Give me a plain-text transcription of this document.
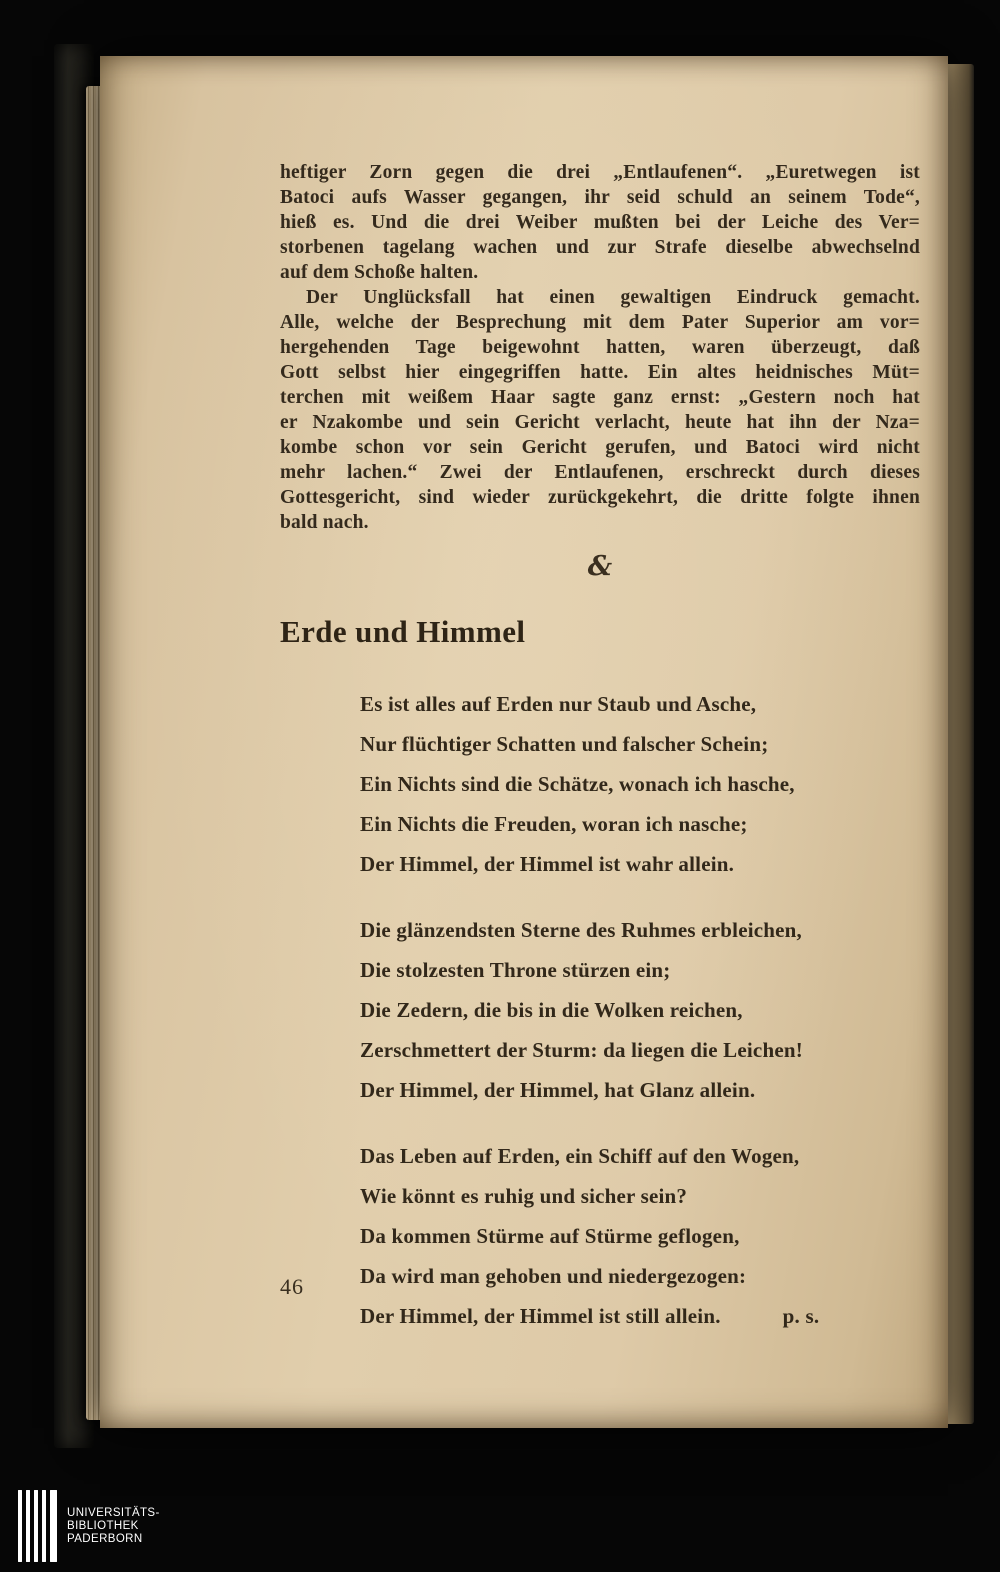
heftiger Zorn gegen die drei „Entlaufenen“. „Euretwegen ist
Batoci aufs Wasser gegangen, ihr seid schuld an seinem Tode“,
hieß es. Und die drei Weiber mußten bei der Leiche des Ver=
storbenen tagelang wachen und zur Strafe dieselbe abwechselnd
auf dem Schoße halten.
Der Unglücksfall hat einen gewaltigen Eindruck gemacht.
Alle, welche der Besprechung mit dem Pater Superior am vor=
hergehenden Tage beigewohnt hatten, waren überzeugt, daß
Gott selbst hier eingegriffen hatte. Ein altes heidnisches Müt=
terchen mit weißem Haar sagte ganz ernst: „Gestern noch hat
er Nzakombe und sein Gericht verlacht, heute hat ihn der Nza=
kombe schon vor sein Gericht gerufen, und Batoci wird nicht
mehr lachen.“ Zwei der Entlaufenen, erschreckt durch dieses
Gottesgericht, sind wieder zurückgekehrt, die dritte folgte ihnen
bald nach.
&
Erde und Himmel
Es ist alles auf Erden nur Staub und Asche,
Nur flüchtiger Schatten und falscher Schein;
Ein Nichts sind die Schätze, wonach ich hasche,
Ein Nichts die Freuden, woran ich nasche;
Der Himmel, der Himmel ist wahr allein.
Die glänzendsten Sterne des Ruhmes erbleichen,
Die stolzesten Throne stürzen ein;
Die Zedern, die bis in die Wolken reichen,
Zerschmettert der Sturm: da liegen die Leichen!
Der Himmel, der Himmel, hat Glanz allein.
Das Leben auf Erden, ein Schiff auf den Wogen,
Wie könnt es ruhig und sicher sein?
Da kommen Stürme auf Stürme geflogen,
Da wird man gehoben und niedergezogen:
Der Himmel, der Himmel ist still allein.	p. s.
46
UNIVERSITÄTS-
BIBLIOTHEK
PADERBORN
